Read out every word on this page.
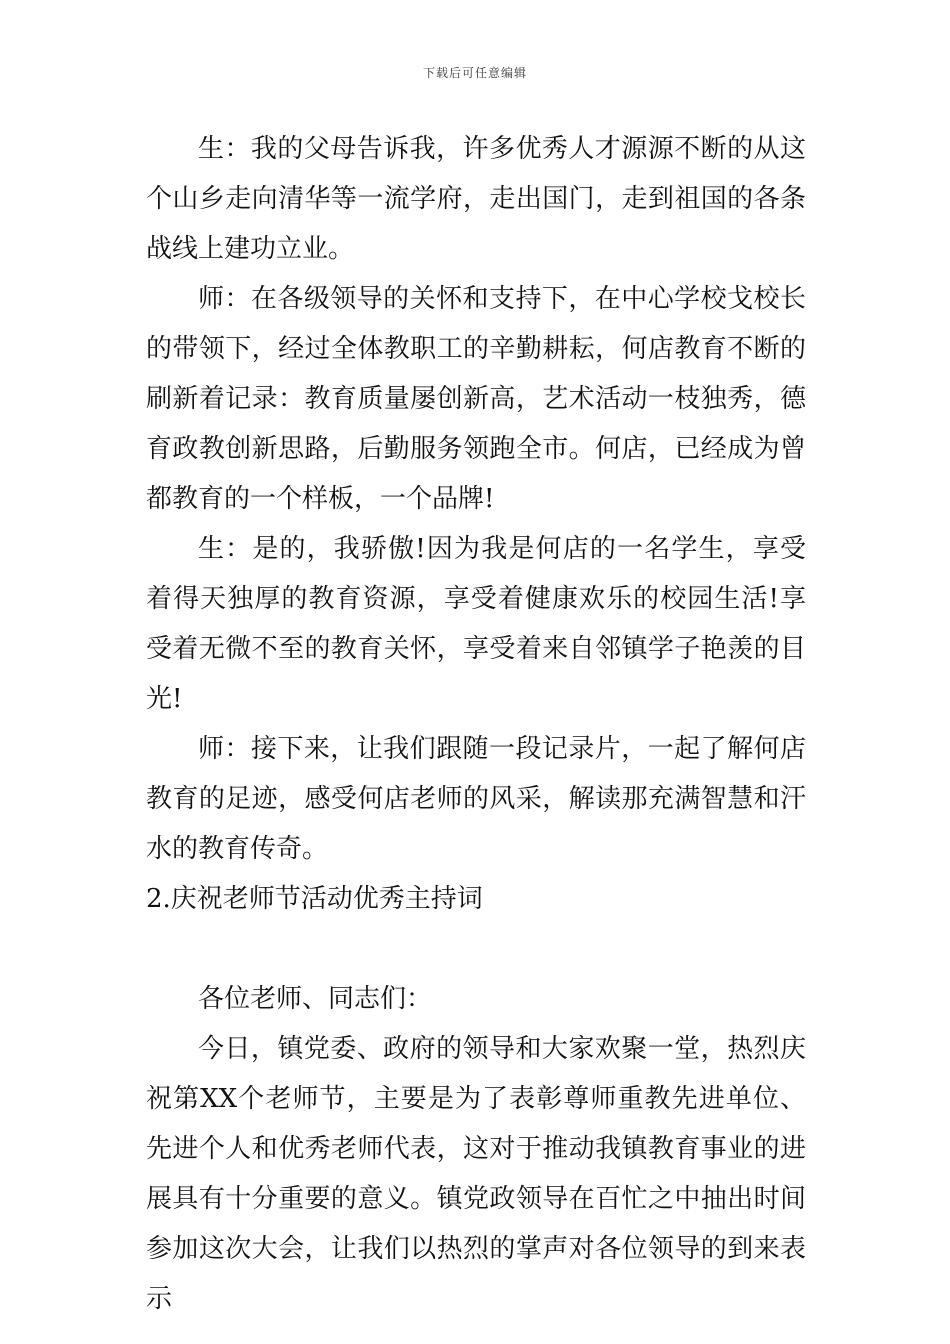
下载后可任意编辑

生：我的父母告诉我，许多优秀人才源源不断的从这个山乡走向清华等一流学府，走出国门，走到祖国的各条战线上建功立业。

师：在各级领导的关怀和支持下，在中心学校戈校长的带领下，经过全体教职工的辛勤耕耘，何店教育不断的刷新着记录：教育质量屡创新高，艺术活动一枝独秀，德育政教创新思路，后勤服务领跑全市。何店，已经成为曾都教育的一个样板，一个品牌!

生：是的，我骄傲!因为我是何店的一名学生，享受着得天独厚的教育资源，享受着健康欢乐的校园生活!享受着无微不至的教育关怀，享受着来自邻镇学子艳羡的目光!

师：接下来，让我们跟随一段记录片，一起了解何店教育的足迹，感受何店老师的风采，解读那充满智慧和汗水的教育传奇。

2.庆祝老师节活动优秀主持词

各位老师、同志们：

今日，镇党委、政府的领导和大家欢聚一堂，热烈庆祝第XX个老师节，主要是为了表彰尊师重教先进单位、先进个人和优秀老师代表，这对于推动我镇教育事业的进展具有十分重要的意义。镇党政领导在百忙之中抽出时间参加这次大会，让我们以热烈的掌声对各位领导的到来表示
